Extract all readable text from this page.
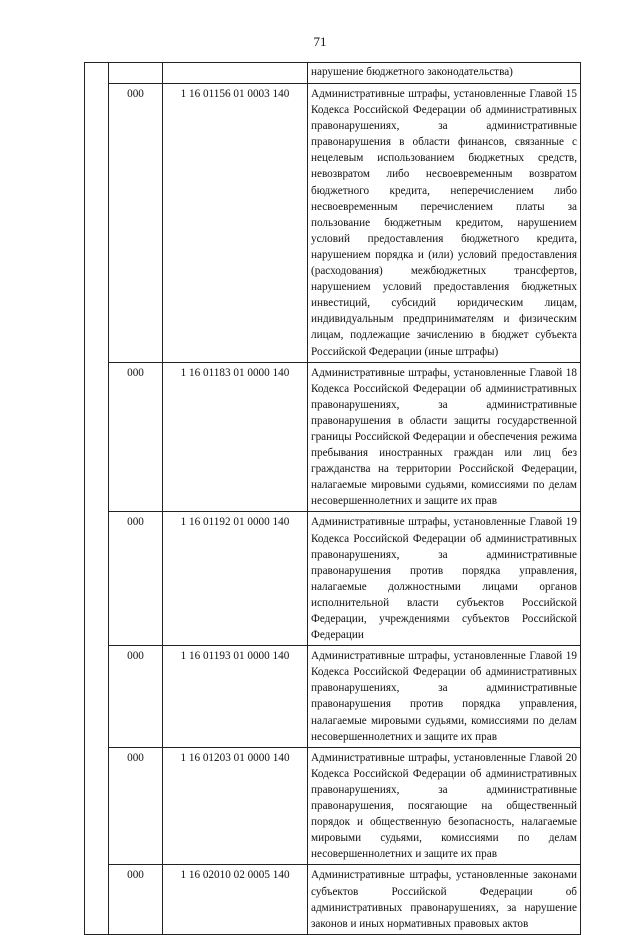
71
			нарушение бюджетного законодательства)
	000	1 16 01156 01 0003 140	Административные штрафы, установленные Главой 15 Кодекса Российской Федерации об административных правонарушениях, за административные правонарушения в области финансов, связанные с нецелевым использованием бюджетных средств, невозвратом либо несвоевременным возвратом бюджетного кредита, неперечислением либо несвоевременным перечислением платы за пользование бюджетным кредитом, нарушением условий предоставления бюджетного кредита, нарушением порядка и (или) условий предоставления (расходования) межбюджетных трансфертов, нарушением условий предоставления бюджетных инвестиций, субсидий юридическим лицам, индивидуальным предпринимателям и физическим лицам, подлежащие зачислению в бюджет субъекта Российской Федерации (иные штрафы)
	000	1 16 01183 01 0000 140	Административные штрафы, установленные Главой 18 Кодекса Российской Федерации об административных правонарушениях, за административные правонарушения в области защиты государственной границы Российской Федерации и обеспечения режима пребывания иностранных граждан или лиц без гражданства на территории Российской Федерации, налагаемые мировыми судьями, комиссиями по делам несовершеннолетних и защите их прав
	000	1 16 01192 01 0000 140	Административные штрафы, установленные Главой 19 Кодекса Российской Федерации об административных правонарушениях, за административные правонарушения против порядка управления, налагаемые должностными лицами органов исполнительной власти субъектов Российской Федерации, учреждениями субъектов Российской Федерации
	000	1 16 01193 01 0000 140	Административные штрафы, установленные Главой 19 Кодекса Российской Федерации об административных правонарушениях, за административные правонарушения против порядка управления, налагаемые мировыми судьями, комиссиями по делам несовершеннолетних и защите их прав
	000	1 16 01203 01 0000 140	Административные штрафы, установленные Главой 20 Кодекса Российской Федерации об административных правонарушениях, за административные правонарушения, посягающие на общественный порядок и общественную безопасность, налагаемые мировыми судьями, комиссиями по делам несовершеннолетних и защите их прав
	000	1 16 02010 02 0005 140	Административные штрафы, установленные законами субъектов Российской Федерации об административных правонарушениях, за нарушение законов и иных нормативных правовых актов
